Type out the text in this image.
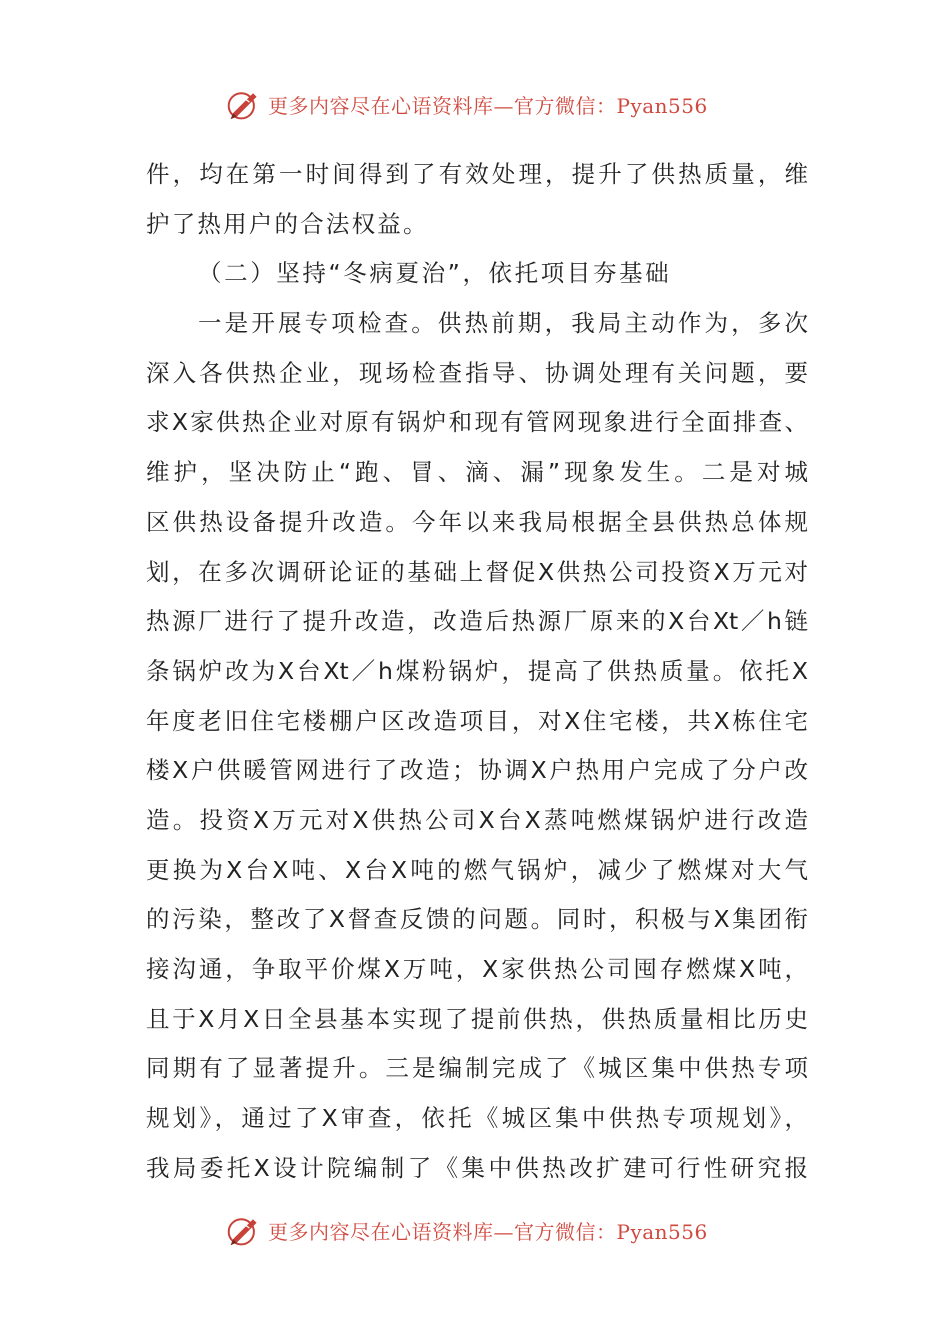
更多内容尽在心语资料库—官方微信：Pyan556
件，均在第一时间得到了有效处理，提升了供热质量，维
护了热用户的合法权益。
（二）坚持“冬病夏治”，依托项目夯基础
一是开展专项检查。供热前期，我局主动作为，多次
深入各供热企业，现场检查指导、协调处理有关问题，要
求X家供热企业对原有锅炉和现有管网现象进行全面排查、
维护，坚决防止“跑、冒、滴、漏”现象发生。二是对城
区供热设备提升改造。今年以来我局根据全县供热总体规
划，在多次调研论证的基础上督促X供热公司投资X万元对
热源厂进行了提升改造，改造后热源厂原来的X台Xt／h链
条锅炉改为X台Xt／h煤粉锅炉，提高了供热质量。依托X
年度老旧住宅楼棚户区改造项目，对X住宅楼，共X栋住宅
楼X户供暖管网进行了改造；协调X户热用户完成了分户改
造。投资X万元对X供热公司X台X蒸吨燃煤锅炉进行改造
更换为X台X吨、X台X吨的燃气锅炉，减少了燃煤对大气
的污染，整改了X督查反馈的问题。同时，积极与X集团衔
接沟通，争取平价煤X万吨，X家供热公司囤存燃煤X吨，
且于X月X日全县基本实现了提前供热，供热质量相比历史
同期有了显著提升。三是编制完成了《城区集中供热专项
规划》，通过了X审查，依托《城区集中供热专项规划》，
我局委托X设计院编制了《集中供热改扩建可行性研究报
更多内容尽在心语资料库—官方微信：Pyan556
